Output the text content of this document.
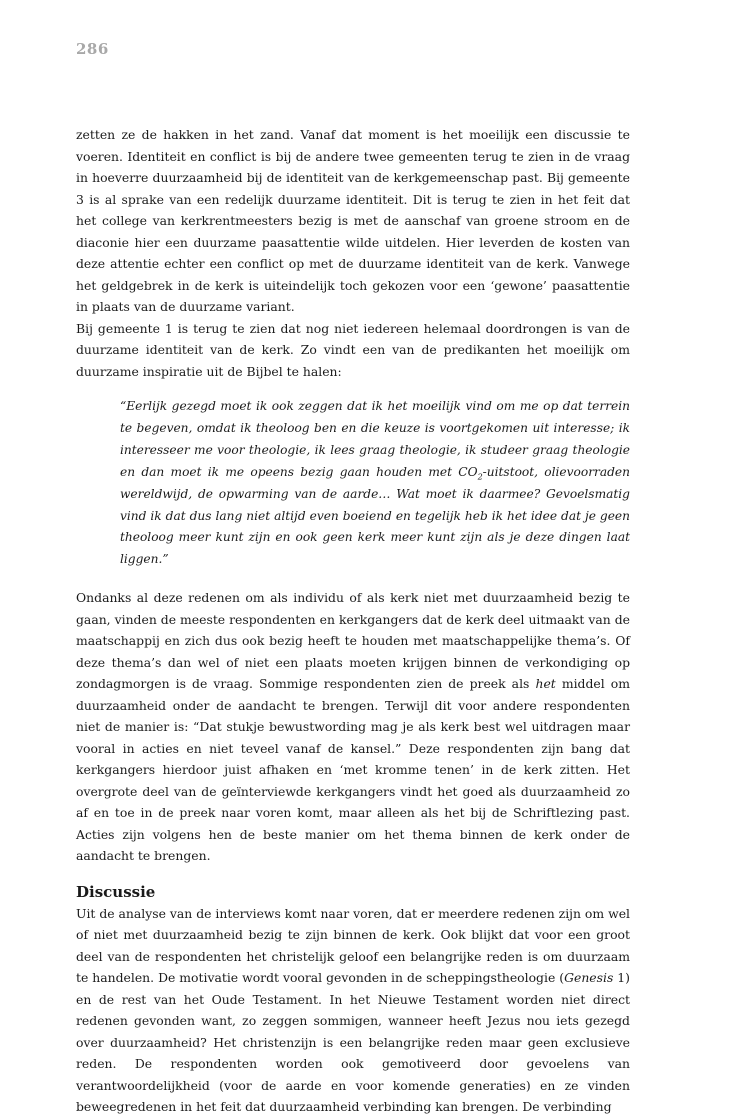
286

zetten ze de hakken in het zand. Vanaf dat moment is het moeilijk een discussie te voeren. Identiteit en conflict is bij de andere twee gemeenten terug te zien in de vraag in hoeverre duurzaamheid bij de identiteit van de kerkgemeenschap past. Bij gemeente 3 is al sprake van een redelijk duurzame identiteit. Dit is terug te zien in het feit dat het college van kerkrentmeesters bezig is met de aanschaf van groene stroom en de diaconie hier een duurzame paasattentie wilde uitdelen. Hier leverden de kosten van deze attentie echter een conflict op met de duurzame identiteit van de kerk. Vanwege het geldgebrek in de kerk is uiteindelijk toch gekozen voor een ‘gewone’ paasattentie in plaats van de duurzame variant.

Bij gemeente 1 is terug te zien dat nog niet iedereen helemaal doordrongen is van de duurzame identiteit van de kerk. Zo vindt een van de predikanten het moeilijk om duurzame inspiratie uit de Bijbel te halen:

“Eerlijk gezegd moet ik ook zeggen dat ik het moeilijk vind om me op dat terrein te begeven, omdat ik theoloog ben en die keuze is voortgekomen uit interesse; ik interesseer me voor theologie, ik lees graag theologie, ik studeer graag theologie en dan moet ik me opeens bezig gaan houden met $CO_2$-uitstoot, olievoorraden wereldwijd, de opwarming van de aarde… Wat moet ik daarmee? Gevoelsmatig vind ik dat dus lang niet altijd even boeiend en tegelijk heb ik het idee dat je geen theoloog meer kunt zijn en ook geen kerk meer kunt zijn als je deze dingen laat liggen.”

Ondanks al deze redenen om als individu of als kerk niet met duurzaamheid bezig te gaan, vinden de meeste respondenten en kerkgangers dat de kerk deel uitmaakt van de maatschappij en zich dus ook bezig heeft te houden met maatschappelijke thema’s. Of deze thema’s dan wel of niet een plaats moeten krijgen binnen de verkondiging op zondagmorgen is de vraag. Sommige respondenten zien de preek als het middel om duurzaamheid onder de aandacht te brengen. Terwijl dit voor andere respondenten niet de manier is: “Dat stukje bewustwording mag je als kerk best wel uitdragen maar vooral in acties en niet teveel vanaf de kansel.” Deze respondenten zijn bang dat kerkgangers hierdoor juist afhaken en ‘met kromme tenen’ in de kerk zitten. Het overgrote deel van de geïnterviewde kerkgangers vindt het goed als duurzaamheid zo af en toe in de preek naar voren komt, maar alleen als het bij de Schriftlezing past. Acties zijn volgens hen de beste manier om het thema binnen de kerk onder de aandacht te brengen.

Discussie

Uit de analyse van de interviews komt naar voren, dat er meerdere redenen zijn om wel of niet met duurzaamheid bezig te zijn binnen de kerk. Ook blijkt dat voor een groot deel van de respondenten het christelijk geloof een belangrijke reden is om duurzaam te handelen. De motivatie wordt vooral gevonden in de scheppingstheologie (Genesis 1) en de rest van het Oude Testament. In het Nieuwe Testament worden niet direct redenen gevonden want, zo zeggen sommigen, wanneer heeft Jezus nou iets gezegd over duurzaamheid? Het christenzijn is een belangrijke reden maar geen exclusieve reden. De respondenten worden ook gemotiveerd door gevoelens van verantwoordelijkheid (voor de aarde en voor komende generaties) en ze vinden beweegredenen in het feit dat duurzaamheid verbinding kan brengen. De verbinding
